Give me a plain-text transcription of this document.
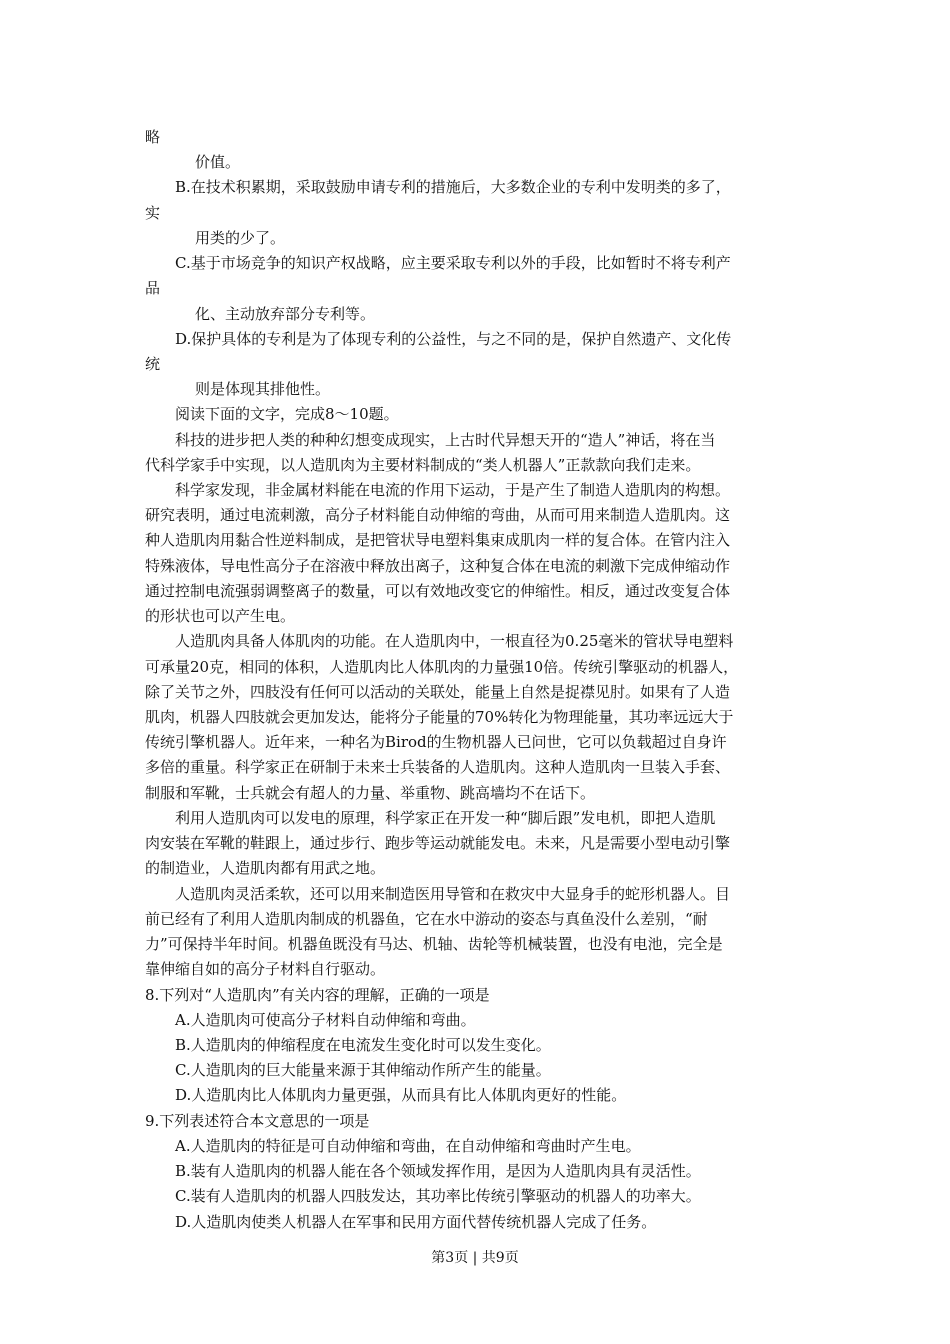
略
价值。
B.在技术积累期，采取鼓励申请专利的措施后，大多数企业的专利中发明类的多了，
实
用类的少了。
C.基于市场竞争的知识产权战略，应主要采取专利以外的手段，比如暂时不将专利产
品
化、主动放弃部分专利等。
D.保护具体的专利是为了体现专利的公益性，与之不同的是，保护自然遗产、文化传
统
则是体现其排他性。
阅读下面的文字，完成8～10题。
科技的进步把人类的种种幻想变成现实，上古时代异想天开的“造人”神话，将在当
代科学家手中实现，以人造肌肉为主要材料制成的“类人机器人”正款款向我们走来。
科学家发现，非金属材料能在电流的作用下运动，于是产生了制造人造肌肉的构想。
研究表明，通过电流刺激，高分子材料能自动伸缩的弯曲，从而可用来制造人造肌肉。这
种人造肌肉用黏合性逆料制成，是把管状导电塑料集束成肌肉一样的复合体。在管内注入
特殊液体，导电性高分子在溶液中释放出离子，这种复合体在电流的刺激下完成伸缩动作
通过控制电流强弱调整离子的数量，可以有效地改变它的伸缩性。相反，通过改变复合体
的形状也可以产生电。
人造肌肉具备人体肌肉的功能。在人造肌肉中，一根直径为0.25毫米的管状导电塑料
可承量20克，相同的体积，人造肌肉比人体肌肉的力量强10倍。传统引擎驱动的机器人，
除了关节之外，四肢没有任何可以活动的关联处，能量上自然是捉襟见肘。如果有了人造
肌肉，机器人四肢就会更加发达，能将分子能量的70%转化为物理能量，其功率远远大于
传统引擎机器人。近年来，一种名为Birod的生物机器人已问世，它可以负载超过自身许
多倍的重量。科学家正在研制于未来士兵装备的人造肌肉。这种人造肌肉一旦装入手套、
制服和军靴，士兵就会有超人的力量、举重物、跳高墙均不在话下。
利用人造肌肉可以发电的原理，科学家正在开发一种“脚后跟”发电机，即把人造肌
肉安装在军靴的鞋跟上，通过步行、跑步等运动就能发电。未来，凡是需要小型电动引擎
的制造业，人造肌肉都有用武之地。
人造肌肉灵活柔软，还可以用来制造医用导管和在救灾中大显身手的蛇形机器人。目
前已经有了利用人造肌肉制成的机器鱼，它在水中游动的姿态与真鱼没什么差别，“耐
力”可保持半年时间。机器鱼既没有马达、机轴、齿轮等机械装置，也没有电池，完全是
靠伸缩自如的高分子材料自行驱动。
8.下列对“人造肌肉”有关内容的理解，正确的一项是
A.人造肌肉可使高分子材料自动伸缩和弯曲。
B.人造肌肉的伸缩程度在电流发生变化时可以发生变化。
C.人造肌肉的巨大能量来源于其伸缩动作所产生的能量。
D.人造肌肉比人体肌肉力量更强，从而具有比人体肌肉更好的性能。
9.下列表述符合本文意思的一项是
A.人造肌肉的特征是可自动伸缩和弯曲，在自动伸缩和弯曲时产生电。
B.装有人造肌肉的机器人能在各个领域发挥作用，是因为人造肌肉具有灵活性。
C.装有人造肌肉的机器人四肢发达，其功率比传统引擎驱动的机器人的功率大。
D.人造肌肉使类人机器人在军事和民用方面代替传统机器人完成了任务。
第3页 | 共9页
